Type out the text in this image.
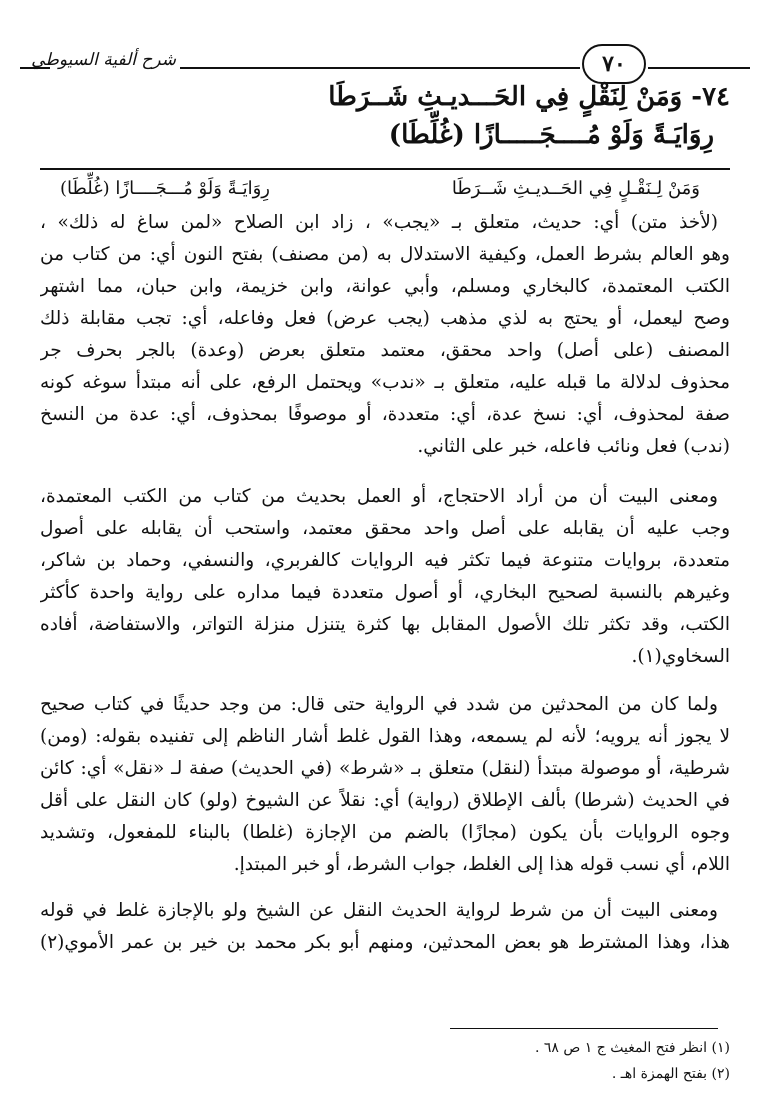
شرح ألفية السيوطي	٧٠
٧٤- وَمَنْ لِنَقْلٍ فِي الحَـــديـثِ شَــرَطَا
رِوَايَـةً وَلَوْ مُــــجَـــــازًا (غُلِّطَا)
وَمَنْ لِـنَقْـلٍ فِي الحَــديـثِ شَــرَطَا
رِوَايَـةً وَلَوْ مُـــجَــــازًا (غُلِّطَا)
(لأخذ متن) أي: حديث، متعلق بـ «يجب» ، زاد ابن الصلاح «لمن ساغ له ذلك» ،
وهو العالم بشرط العمل، وكيفية الاستدلال به (من مصنف) بفتح النون أي: من كتاب من
الكتب المعتمدة، كالبخاري ومسلم، وأبي عوانة، وابن خزيمة، وابن حبان، مما اشتهر
وصح ليعمل، أو يحتج به لذي مذهب (يجب عرض) فعل وفاعله، أي: تجب مقابلة ذلك
المصنف (على أصل) واحد محقق، معتمد متعلق بعرض (وعدة) بالجر بحرف جر
محذوف لدلالة ما قبله عليه، متعلق بـ «ندب» ويحتمل الرفع، على أنه مبتدأ سوغه كونه
صفة لمحذوف، أي: نسخ عدة، أي: متعددة، أو موصوفًا بمحذوف، أي: عدة من النسخ
(ندب) فعل ونائب فاعله، خبر على الثاني.
ومعنى البيت أن من أراد الاحتجاج، أو العمل بحديث من كتاب من الكتب المعتمدة،
وجب عليه أن يقابله على أصل واحد محقق معتمد، واستحب أن يقابله على أصول
متعددة، بروايات متنوعة فيما تكثر فيه الروايات كالفربري، والنسفي، وحماد بن شاكر،
وغيرهم بالنسبة لصحيح البخاري، أو أصول متعددة فيما مداره على رواية واحدة كأكثر
الكتب، وقد تكثر تلك الأصول المقابل بها كثرة يتنزل منزلة التواتر، والاستفاضة، أفاده
السخاوي(١).
ولما كان من المحدثين من شدد في الرواية حتى قال: من وجد حديثًا في كتاب صحيح
لا يجوز أنه يرويه؛ لأنه لم يسمعه، وهذا القول غلط أشار الناظم إلى تفنيده بقوله: (ومن)
شرطية، أو موصولة مبتدأ (لنقل) متعلق بـ «شرط» (في الحديث) صفة لـ «نقل» أي: كائن
في الحديث (شرطا) بألف الإطلاق (رواية) أي: نقلاً عن الشيوخ (ولو) كان النقل على أقل
وجوه الروايات بأن يكون (مجازًا) بالضم من الإجازة (غلطا) بالبناء للمفعول، وتشديد
اللام، أي نسب قوله هذا إلى الغلط، جواب الشرط، أو خبر المبتدإ.
ومعنى البيت أن من شرط لرواية الحديث النقل عن الشيخ ولو بالإجازة غلط في قوله
هذا، وهذا المشترط هو بعض المحدثين، ومنهم أبو بكر محمد بن خير بن عمر الأموي(٢)
(١) انظر فتح المغيث ج ١ ص ٦٨ .
(٢) بفتح الهمزة اهـ .
